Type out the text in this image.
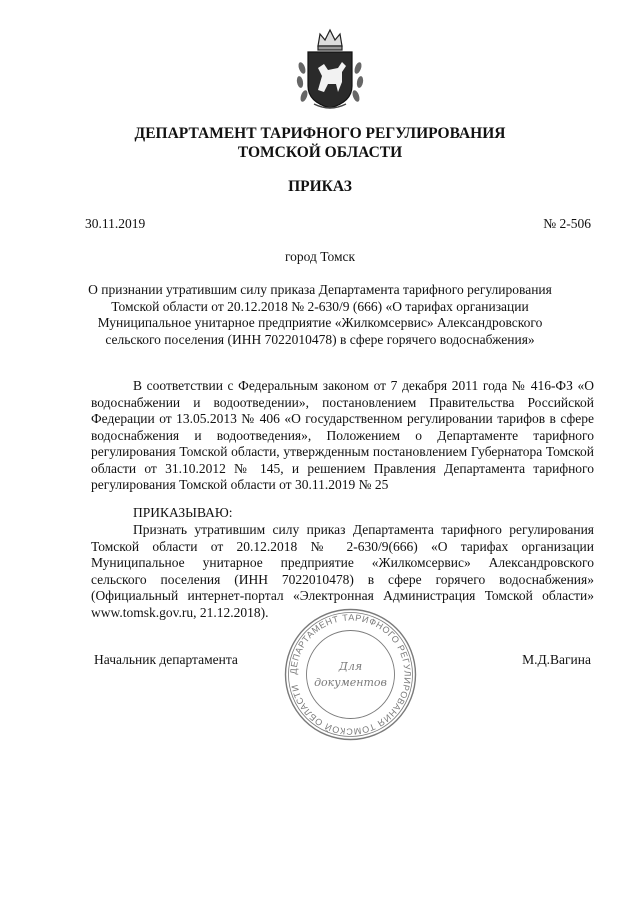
ДЕПАРТАМЕНТ ТАРИФНОГО РЕГУЛИРОВАНИЯ
ТОМСКОЙ ОБЛАСТИ
ПРИКАЗ
30.11.2019	№ 2-506
город Томск
О признании утратившим силу приказа Департамента тарифного регулирования
Томской области от 20.12.2018 № 2-630/9 (666) «О тарифах организации
Муниципальное унитарное предприятие «Жилкомсервис» Александровского
сельского поселения (ИНН 7022010478) в сфере горячего водоснабжения»
В соответствии с Федеральным законом от 7 декабря 2011 года № 416-ФЗ «О водоснабжении и водоотведении», постановлением Правительства Российской Федерации от 13.05.2013 № 406 «О государственном регулировании тарифов в сфере водоснабжения и водоотведения», Положением о Департаменте тарифного регулирования Томской области, утвержденным постановлением Губернатора Томской области от 31.10.2012 № 145, и решением Правления Департамента тарифного регулирования Томской области от 30.11.2019 № 25
ПРИКАЗЫВАЮ:
Признать утратившим силу приказ Департамента тарифного регулирования Томской области от 20.12.2018 № 2-630/9(666) «О тарифах организации Муниципальное унитарное предприятие «Жилкомсервис» Александровского сельского поселения (ИНН 7022010478) в сфере горячего водоснабжения» (Официальный интернет-портал «Электронная Администрация Томской области» www.tomsk.gov.ru, 21.12.2018).
Начальник департамента	М.Д.Вагина
ДЕПАРТАМЕНТ ТАРИФНОГО РЕГУЛИРОВАНИЯ ТОМСКОЙ ОБЛАСТИ
Для
документов
